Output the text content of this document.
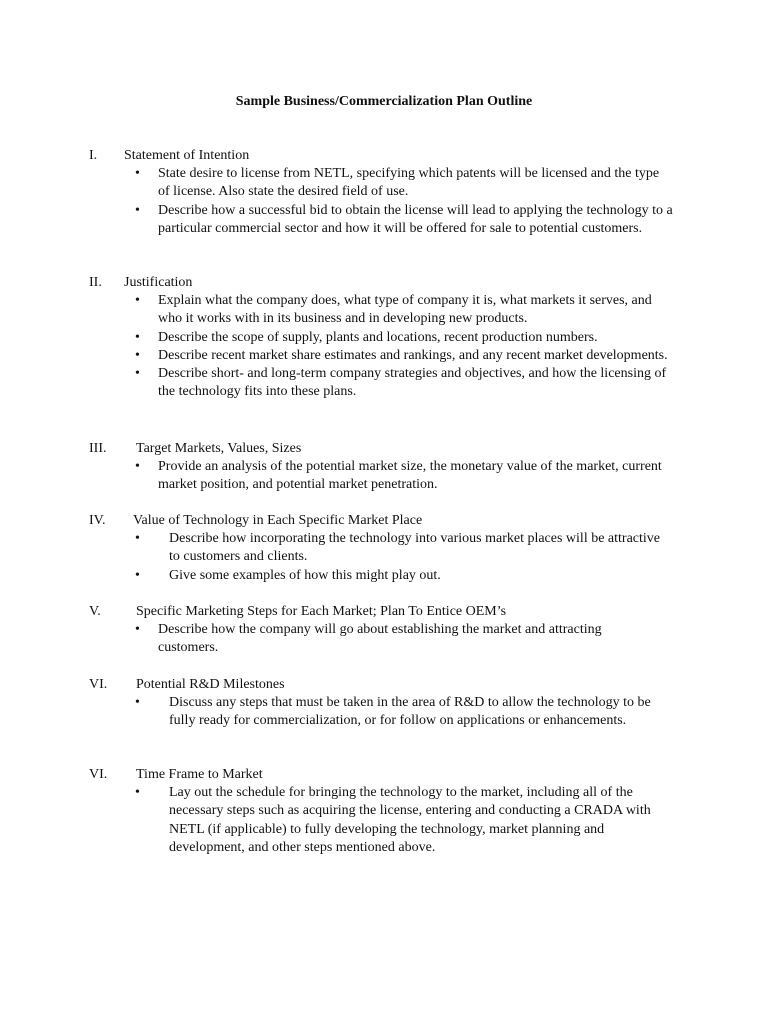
Sample Business/Commercialization Plan Outline
I. Statement of Intention
• State desire to license from NETL, specifying which patents will be licensed and the type of license. Also state the desired field of use.
• Describe how a successful bid to obtain the license will lead to applying the technology to a particular commercial sector and how it will be offered for sale to potential customers.
II. Justification
• Explain what the company does, what type of company it is, what markets it serves, and who it works with in its business and in developing new products.
• Describe the scope of supply, plants and locations, recent production numbers.
• Describe recent market share estimates and rankings, and any recent market developments.
• Describe short- and long-term company strategies and objectives, and how the licensing of the technology fits into these plans.
III. Target Markets, Values, Sizes
• Provide an analysis of the potential market size, the monetary value of the market, current market position, and potential market penetration.
IV. Value of Technology in Each Specific Market Place
• Describe how incorporating the technology into various market places will be attractive to customers and clients.
• Give some examples of how this might play out.
V.	Specific Marketing Steps for Each Market; Plan To Entice OEM’s
• Describe how the company will go about establishing the market and attracting customers.
VI. Potential R&D Milestones
• Discuss any steps that must be taken in the area of R&D to allow the technology to be fully ready for commercialization, or for follow on applications or enhancements.
VI. Time Frame to Market
• Lay out the schedule for bringing the technology to the market, including all of the necessary steps such as acquiring the license, entering and conducting a CRADA with NETL (if applicable) to fully developing the technology, market planning and development, and other steps mentioned above.
